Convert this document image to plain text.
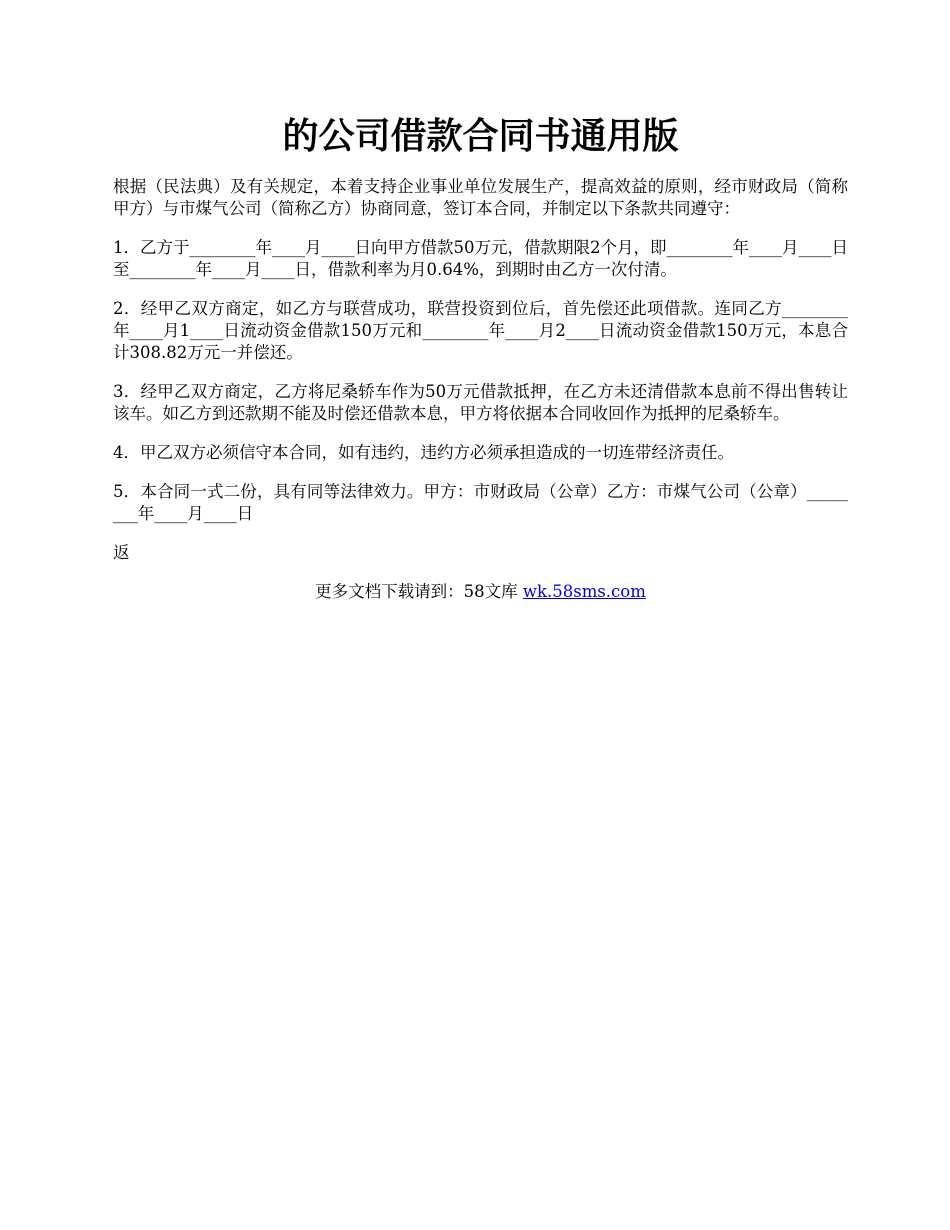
的公司借款合同书通用版

根据（民法典）及有关规定，本着支持企业事业单位发展生产，提高效益的原则，经市财政局（简称甲方）与市煤气公司（简称乙方）协商同意，签订本合同，并制定以下条款共同遵守：

1．乙方于________年____月____日向甲方借款50万元，借款期限2个月，即________年____月____日至________年____月____日，借款利率为月0.64%，到期时由乙方一次付清。

2．经甲乙双方商定，如乙方与联营成功，联营投资到位后，首先偿还此项借款。连同乙方________年____月1____日流动资金借款150万元和________年____月2____日流动资金借款150万元，本息合计308.82万元一并偿还。

3．经甲乙双方商定，乙方将尼桑轿车作为50万元借款抵押，在乙方未还清借款本息前不得出售转让该车。如乙方到还款期不能及时偿还借款本息，甲方将依据本合同收回作为抵押的尼桑轿车。

4．甲乙双方必须信守本合同，如有违约，违约方必须承担造成的一切连带经济责任。

5．本合同一式二份，具有同等法律效力。甲方：市财政局（公章）乙方：市煤气公司（公章）________年____月____日

返

更多文档下载请到：58文库 wk.58sms.com
